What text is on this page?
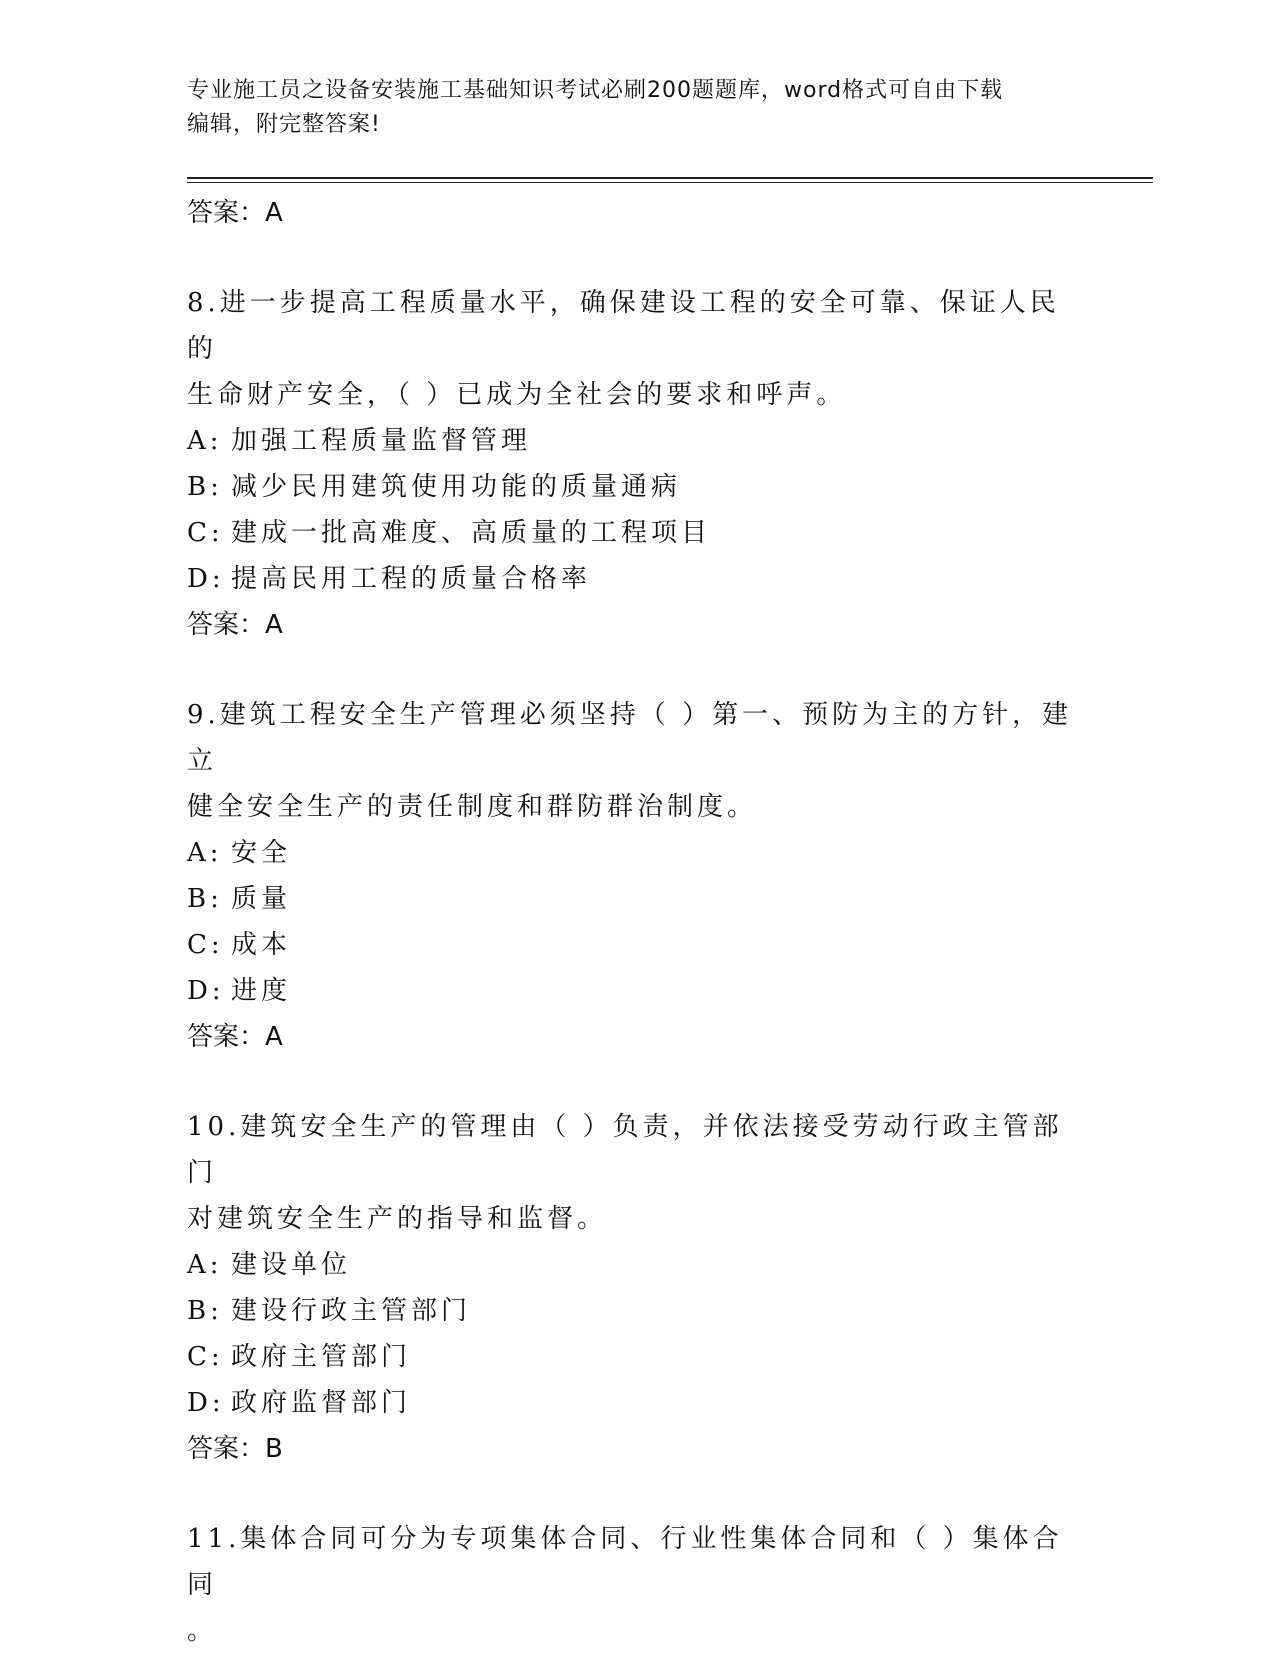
专业施工员之设备安装施工基础知识考试必刷200题题库，word格式可自由下载
编辑，附完整答案!
答案：A
8.进一步提高工程质量水平，确保建设工程的安全可靠、保证人民的
生命财产安全，（ ）已成为全社会的要求和呼声。
A: 加强工程质量监督管理
B: 减少民用建筑使用功能的质量通病
C: 建成一批高难度、高质量的工程项目
D: 提高民用工程的质量合格率
答案：A
9.建筑工程安全生产管理必须坚持（ ）第一、预防为主的方针，建立
健全安全生产的责任制度和群防群治制度。
A: 安全
B: 质量
C: 成本
D: 进度
答案：A
10.建筑安全生产的管理由（ ）负责，并依法接受劳动行政主管部门
对建筑安全生产的指导和监督。
A: 建设单位
B: 建设行政主管部门
C: 政府主管部门
D: 政府监督部门
答案：B
11.集体合同可分为专项集体合同、行业性集体合同和（ ）集体合同
。
